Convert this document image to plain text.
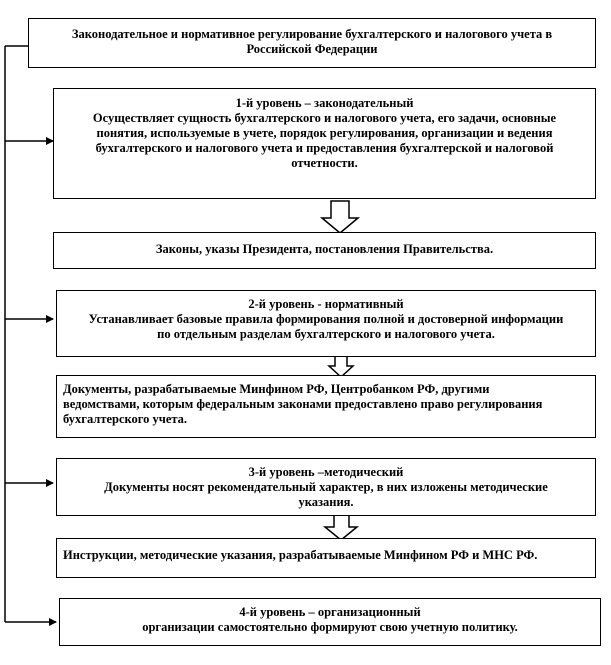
Законодательное и нормативное регулирование бухгалтерского и налогового учета в
Российской Федерации
1-й уровень – законодательный
Осуществляет сущность бухгалтерского и налогового учета, его задачи, основные
понятия, используемые в учете, порядок регулирования, организации и ведения
бухгалтерского и налогового учета и предоставления бухгалтерской и налоговой
отчетности.
Законы, указы Президента, постановления Правительства.
2-й уровень - нормативный
Устанавливает базовые правила формирования полной и достоверной информации
по отдельным разделам бухгалтерского и налогового учета.
Документы, разрабатываемые Минфином РФ, Центробанком РФ, другими
ведомствами, которым федеральным законами предоставлено право регулирования
бухгалтерского учета.
3-й уровень –методический
Документы носят рекомендательный характер, в них изложены методические
указания.
Инструкции, методические указания, разрабатываемые Минфином РФ и МНС РФ.
4-й уровень – организационный
организации самостоятельно формируют свою учетную политику.
